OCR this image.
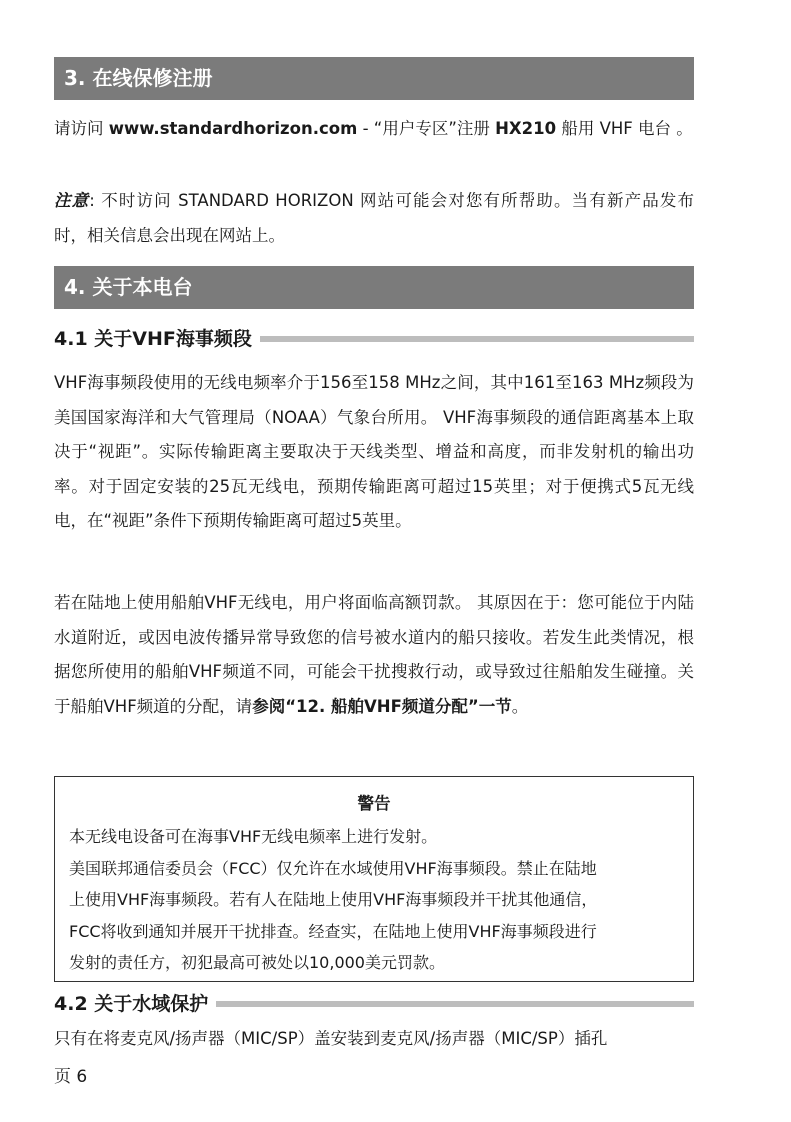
3. 在线保修注册

请访问 www.standardhorizon.com - “用户专区”注册 HX210 船用 VHF 电台 。

注意: 不时访问 STANDARD HORIZON 网站可能会对您有所帮助。当有新产品发布时，相关信息会出现在网站上。

4. 关于本电台
4.1 关于VHF海事频段

VHF海事频段使用的无线电频率介于156至158 MHz之间，其中161至163 MHz频段为美国国家海洋和大气管理局（NOAA）气象台所用。 VHF海事频段的通信距离基本上取决于“视距”。实际传输距离主要取决于天线类型、增益和高度，而非发射机的输出功率。对于固定安装的25瓦无线电，预期传输距离可超过15英里；对于便携式5瓦无线电，在“视距”条件下预期传输距离可超过5英里。

若在陆地上使用船舶VHF无线电，用户将面临高额罚款。 其原因在于：您可能位于内陆水道附近，或因电波传播异常导致您的信号被水道内的船只接收。若发生此类情况，根据您所使用的船舶VHF频道不同，可能会干扰搜救行动，或导致过往船舶发生碰撞。关于船舶VHF频道的分配，请参阅“12. 船舶VHF频道分配”一节。

警告

本无线电设备可在海事VHF无线电频率上进行发射。

美国联邦通信委员会（FCC）仅允许在水域使用VHF海事频段。禁止在陆地

上使用VHF海事频段。若有人在陆地上使用VHF海事频段并干扰其他通信，

FCC将收到通知并展开干扰排查。经查实，在陆地上使用VHF海事频段进行

发射的责任方，初犯最高可被处以10,000美元罚款。

4.2 关于水域保护

只有在将麦克风/扬声器（MIC/SP）盖安装到麦克风/扬声器（MIC/SP）插孔

页 6
